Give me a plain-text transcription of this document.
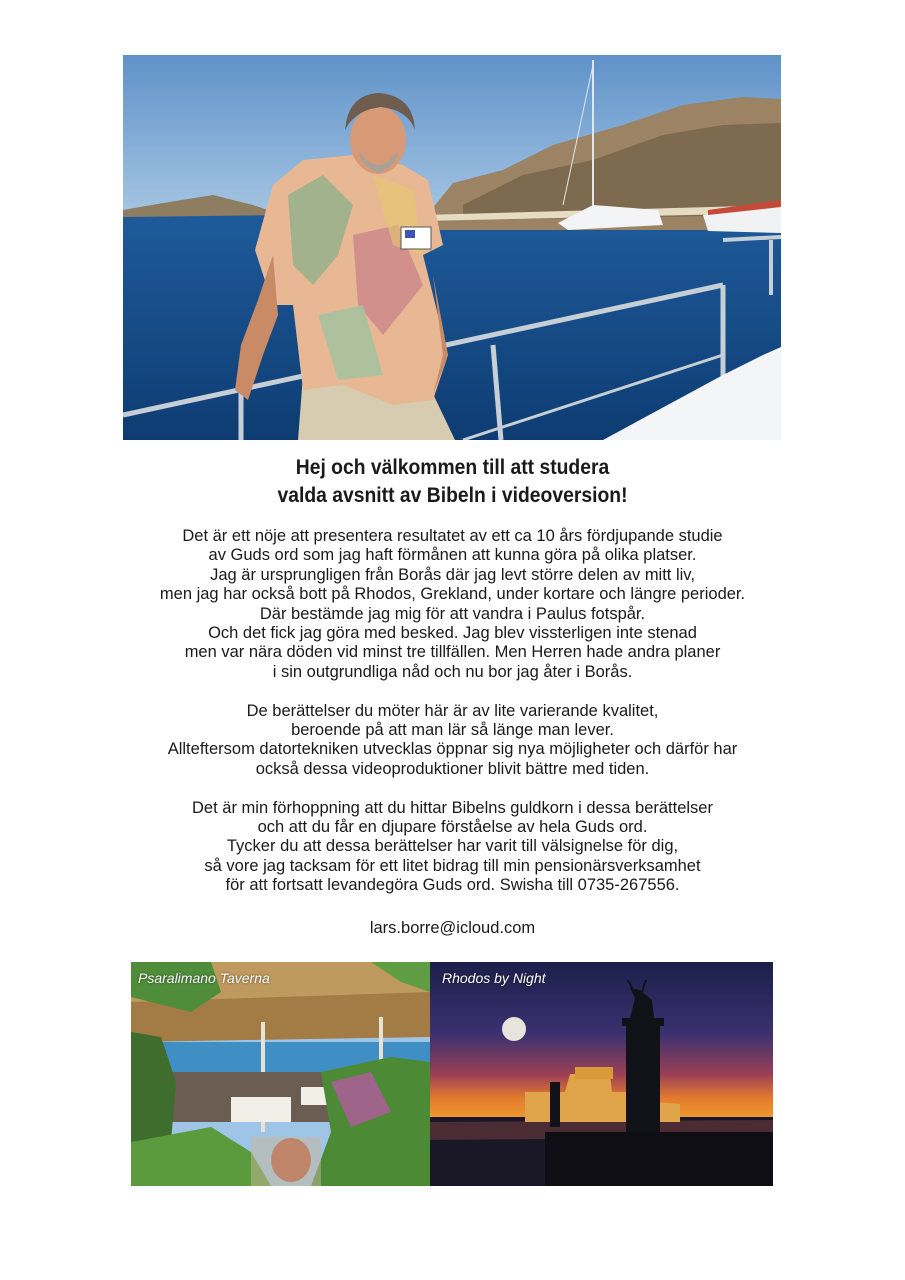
Hej och välkommen till att studera
valda avsnitt av Bibeln i videoversion!
Det är ett nöje att presentera resultatet av ett ca 10 års fördjupande studie
av Guds ord som jag haft förmånen att kunna göra på olika platser.
Jag är ursprungligen från Borås där jag levt större delen av mitt liv,
men jag har också bott på Rhodos, Grekland, under kortare och längre perioder.
Där bestämde jag mig för att vandra i Paulus fotspår.
Och det fick jag göra med besked. Jag blev vissterligen inte stenad
men var nära döden vid minst tre tillfällen. Men Herren hade andra planer
i sin outgrundliga nåd och nu bor jag åter i Borås.
De berättelser du möter här är av lite varierande kvalitet,
beroende på att man lär så länge man lever.
Allteftersom datortekniken utvecklas öppnar sig nya möjligheter och därför har
också dessa videoproduktioner blivit bättre med tiden.
Det är min förhoppning att du hittar Bibelns guldkorn i dessa berättelser
och att du får en djupare förståelse av hela Guds ord.
Tycker du att dessa berättelser har varit till välsignelse för dig,
så vore jag tacksam för ett litet bidrag till min pensionärsverksamhet
för att fortsatt levandegöra Guds ord. Swisha till 0735-267556.
lars.borre@icloud.com
Psaralimano Taverna	Rhodos by Night
